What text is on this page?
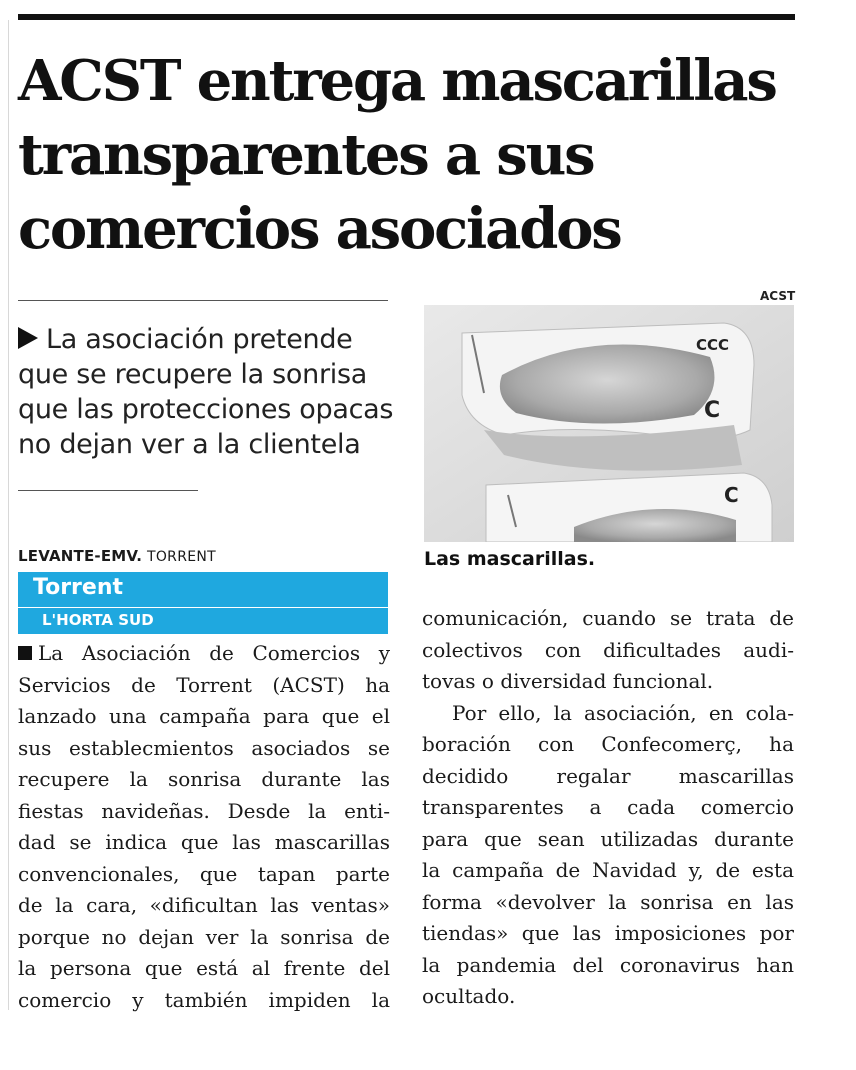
ACST entrega mascarillas
transparentes a sus
comercios asociados
La asociación pretende
que se recupere la sonrisa
que las protecciones opacas
no dejan ver a la clientela
LEVANTE-EMV. TORRENT
Torrent
L'HORTA SUD
La Asociación de Comercios y
Servicios de Torrent (ACST) ha
lanzado una campaña para que el
sus establecmientos asociados se
recupere la sonrisa durante las
fiestas navideñas. Desde la enti-
dad se indica que las mascarillas
convencionales, que tapan parte
de la cara, «dificultan las ventas»
porque no dejan ver la sonrisa de
la persona que está al frente del
comercio y también impiden la
ACST
CCC
C
C
Las mascarillas.
comunicación, cuando se trata de
colectivos con dificultades audi-
tovas o diversidad funcional.
Por ello, la asociación, en cola-
boración con Confecomerç, ha
decidido regalar mascarillas
transparentes a cada comercio
para que sean utilizadas durante
la campaña de Navidad y, de esta
forma «devolver la sonrisa en las
tiendas» que las imposiciones por
la pandemia del coronavirus han
ocultado.
